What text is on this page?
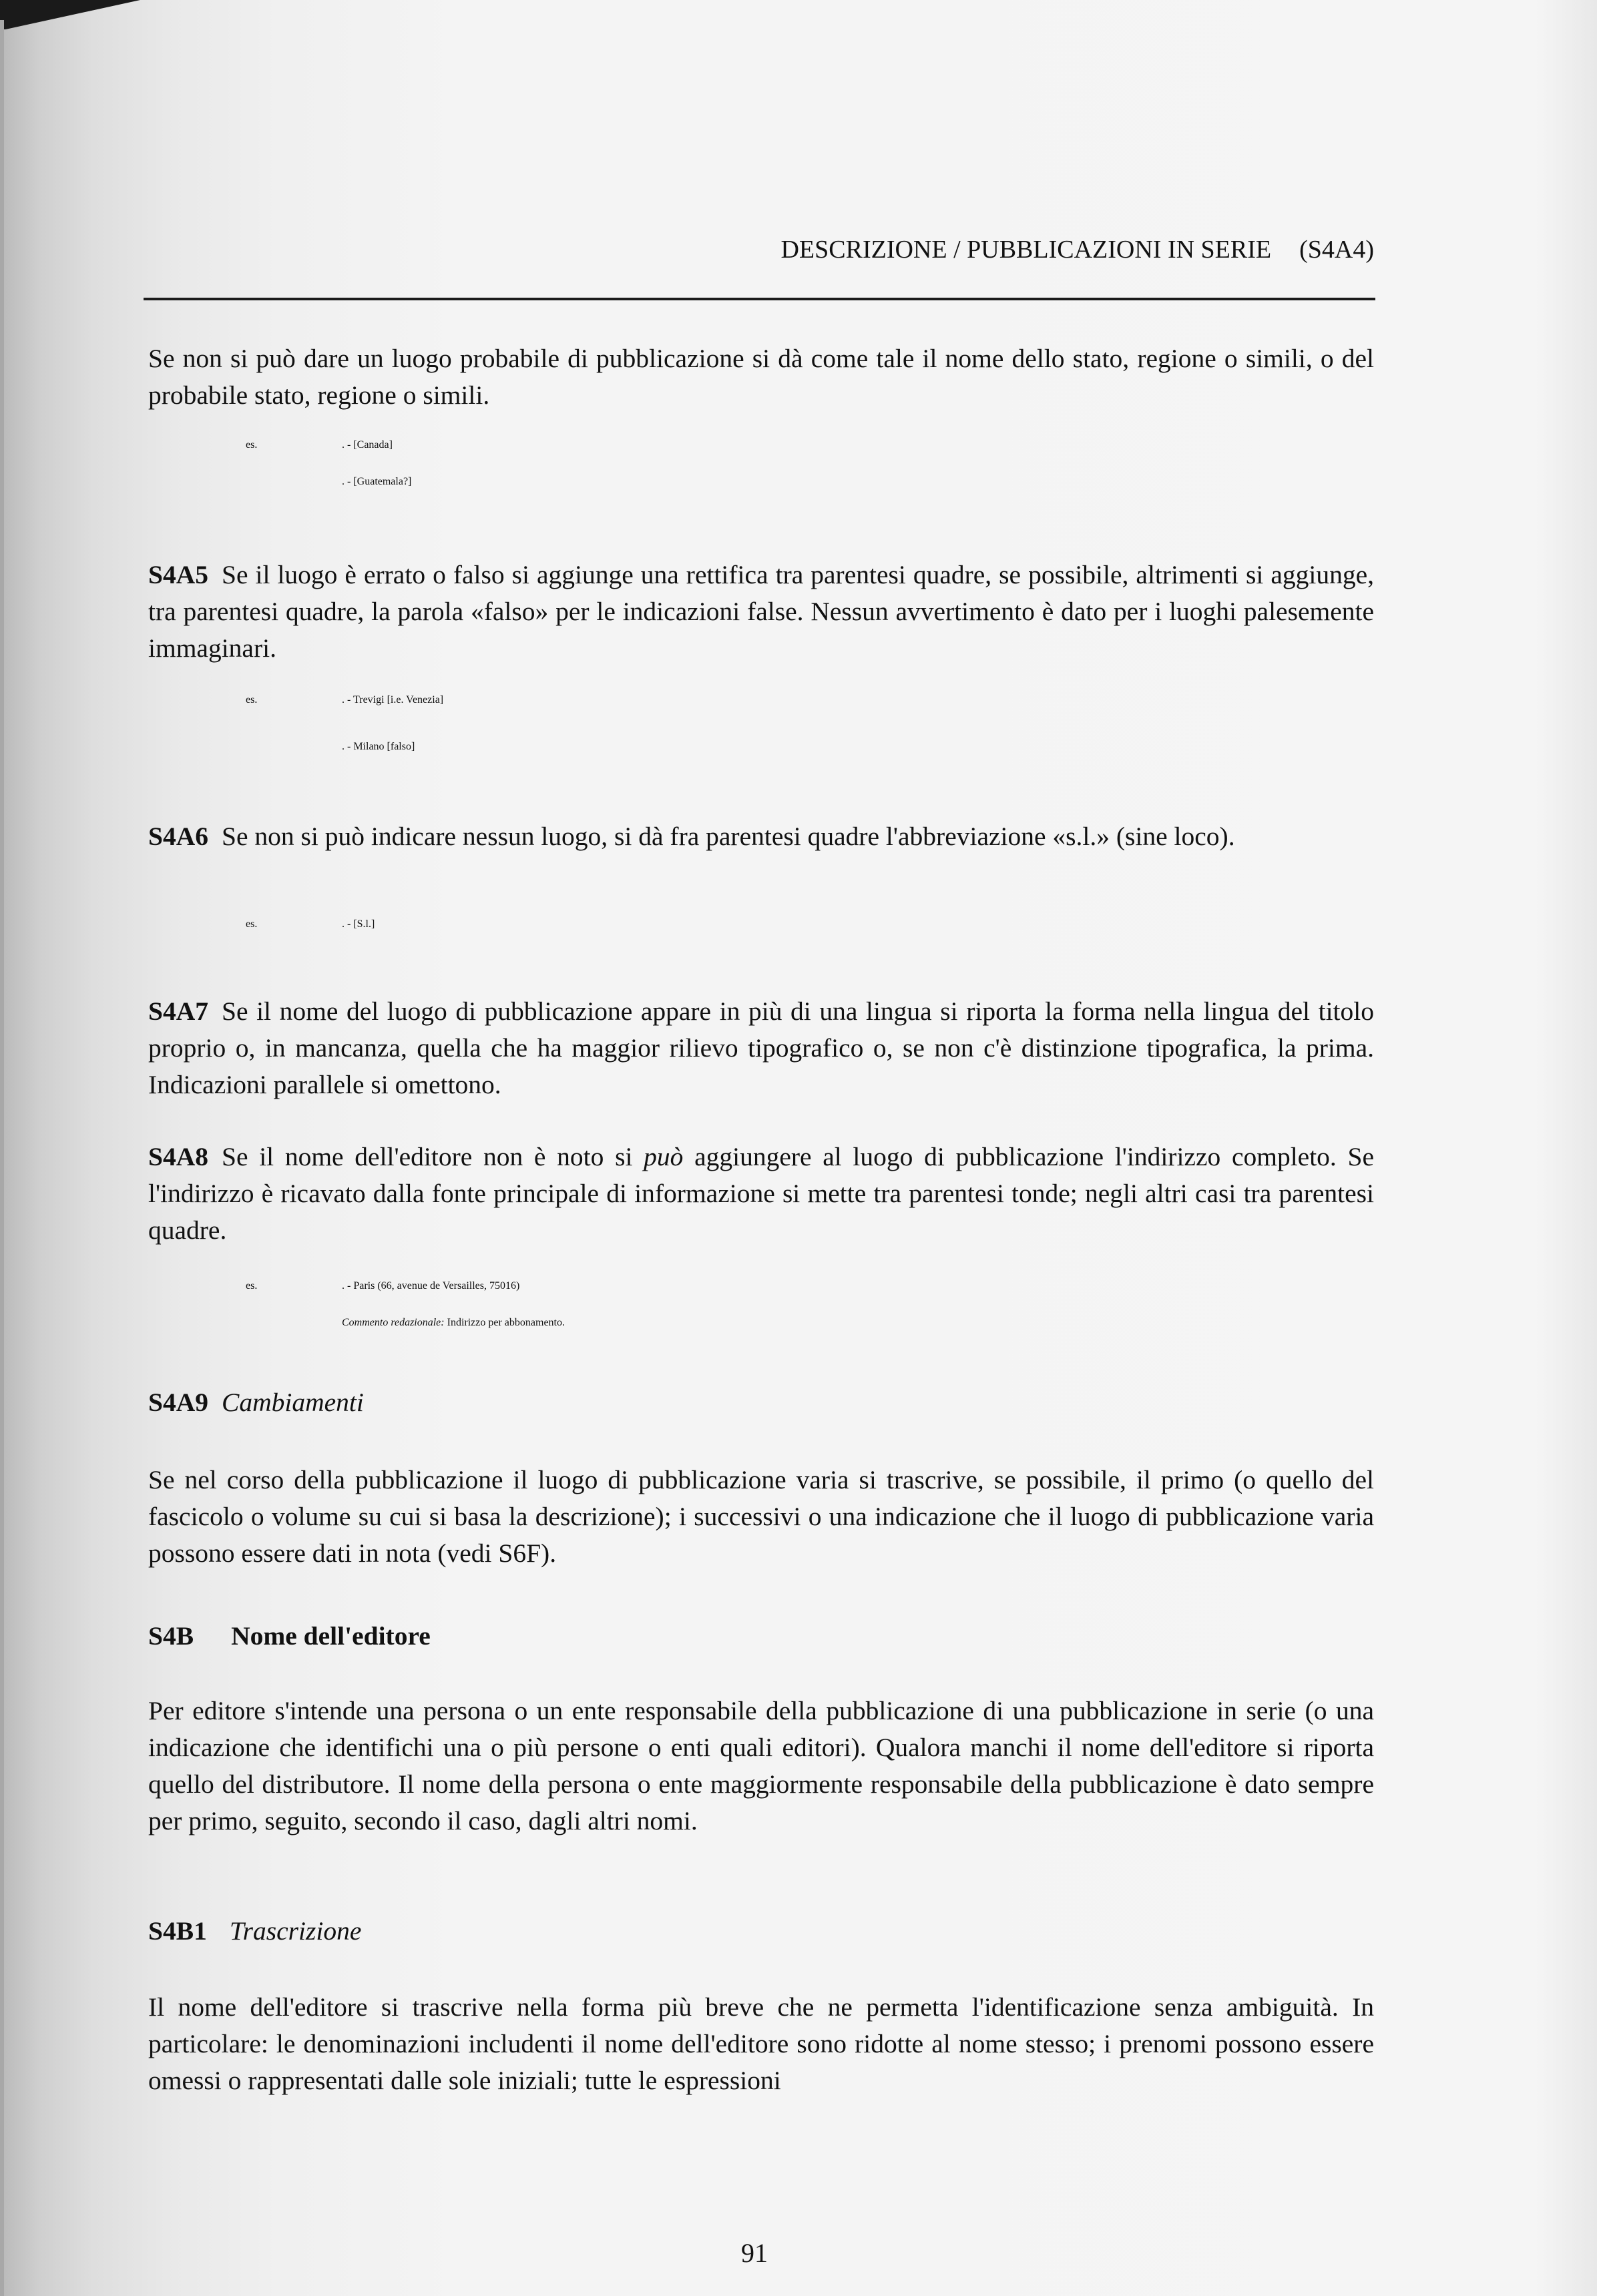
DESCRIZIONE / PUBBLICAZIONI IN SERIE (S4A4)
Se non si può dare un luogo probabile di pubblicazione si dà come tale il nome dello stato, regione o simili, o del probabile stato, regione o simili.
es.	. - [Canada]
. - [Guatemala?]
S4A5 Se il luogo è errato o falso si aggiunge una rettifica tra parentesi quadre, se possibile, altrimenti si aggiunge, tra parentesi quadre, la parola «falso» per le indicazioni false. Nessun avvertimento è dato per i luoghi palesemente immaginari.
es.	. - Trevigi [i.e. Venezia]
. - Milano [falso]
S4A6 Se non si può indicare nessun luogo, si dà fra parentesi quadre l'abbreviazione «s.l.» (sine loco).
es.	. - [S.l.]
S4A7 Se il nome del luogo di pubblicazione appare in più di una lingua si riporta la forma nella lingua del titolo proprio o, in mancanza, quella che ha maggior rilievo tipografico o, se non c'è distinzione tipografica, la prima. Indicazioni parallele si omettono.
S4A8 Se il nome dell'editore non è noto si può aggiungere al luogo di pubblicazione l'indirizzo completo. Se l'indirizzo è ricavato dalla fonte principale di informazione si mette tra parentesi tonde; negli altri casi tra parentesi quadre.
es.	. - Paris (66, avenue de Versailles, 75016)
Commento redazionale: Indirizzo per abbonamento.
S4A9 Cambiamenti
Se nel corso della pubblicazione il luogo di pubblicazione varia si trascrive, se possibile, il primo (o quello del fascicolo o volume su cui si basa la descrizione); i successivi o una indicazione che il luogo di pubblicazione varia possono essere dati in nota (vedi S6F).
S4B Nome dell'editore
Per editore s'intende una persona o un ente responsabile della pubblicazione di una pubblicazione in serie (o una indicazione che identifichi una o più persone o enti quali editori). Qualora manchi il nome dell'editore si riporta quello del distributore. Il nome della persona o ente maggiormente responsabile della pubblicazione è dato sempre per primo, seguito, secondo il caso, dagli altri nomi.
S4B1 Trascrizione
Il nome dell'editore si trascrive nella forma più breve che ne permetta l'identificazione senza ambiguità. In particolare: le denominazioni includenti il nome dell'editore sono ridotte al nome stesso; i prenomi possono essere omessi o rappresentati dalle sole iniziali; tutte le espressioni
91
